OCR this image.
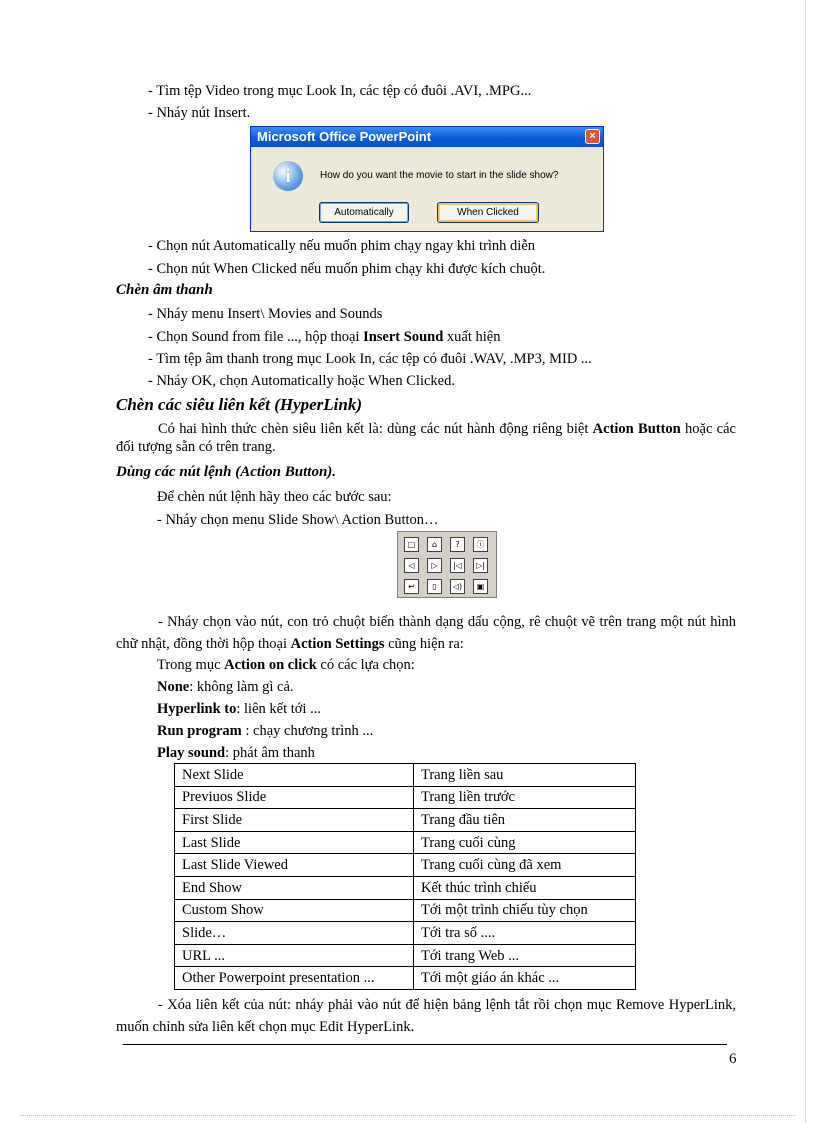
- Tìm tệp Video trong mục Look In, các tệp có đuôi .AVI, .MPG...
- Nháy nút Insert.
Microsoft Office PowerPoint	×
i	How do you want the movie to start in the slide show?
Automatically	When Clicked
- Chọn nút Automatically nếu muốn phim chạy ngay khi trình diễn
- Chọn nút When Clicked nếu muốn phim chạy khi được kích chuột.
Chèn âm thanh
- Nháy menu Insert\ Movies and Sounds
- Chọn Sound from file ..., hộp thoại Insert Sound xuất hiện
- Tìm tệp âm thanh trong mục Look In, các tệp có đuôi .WAV, .MP3, MID ...
- Nháy OK, chọn Automatically hoặc When Clicked.
Chèn các siêu liên kết (HyperLink)
Có hai hình thức chèn siêu liên kết là: dùng các nút hành động riêng biệt Action Button hoặc các đối tượng sẵn có trên trang.
Dùng các nút lệnh (Action Button).
Để chèn nút lệnh hãy theo các bước sau:
- Nháy chọn menu Slide Show\ Action Button…
□	⌂	?	ⓘ
◁	▷	|◁	▷|
↩	▯	◁)	▣
- Nháy chọn vào nút, con trỏ chuột biến thành dạng dấu cộng, rê chuột vẽ trên trang một nút hình chữ nhật, đồng thời hộp thoại Action Settings cũng hiện ra:
Trong mục Action on click có các lựa chọn:
None: không làm gì cả.
Hyperlink to: liên kết tới ...
Run program : chạy chương trình ...
Play sound: phát âm thanh
Next Slide	Trang liền sau
Previuos Slide	Trang liền trước
First Slide	Trang đầu tiên
Last Slide	Trang cuối cùng
Last Slide Viewed	Trang cuối cùng đã xem
End Show	Kết thúc trình chiếu
Custom Show	Tới một trình chiếu tùy chọn
Slide…	Tới tra số ....
URL ...	Tới trang Web ...
Other Powerpoint presentation ...	Tới một giáo án khác ...
- Xóa liên kết của nút: nháy phải vào nút để hiện bảng lệnh tắt rồi chọn mục Remove HyperLink, muốn chỉnh sửa liên kết chọn mục Edit HyperLink.
6
